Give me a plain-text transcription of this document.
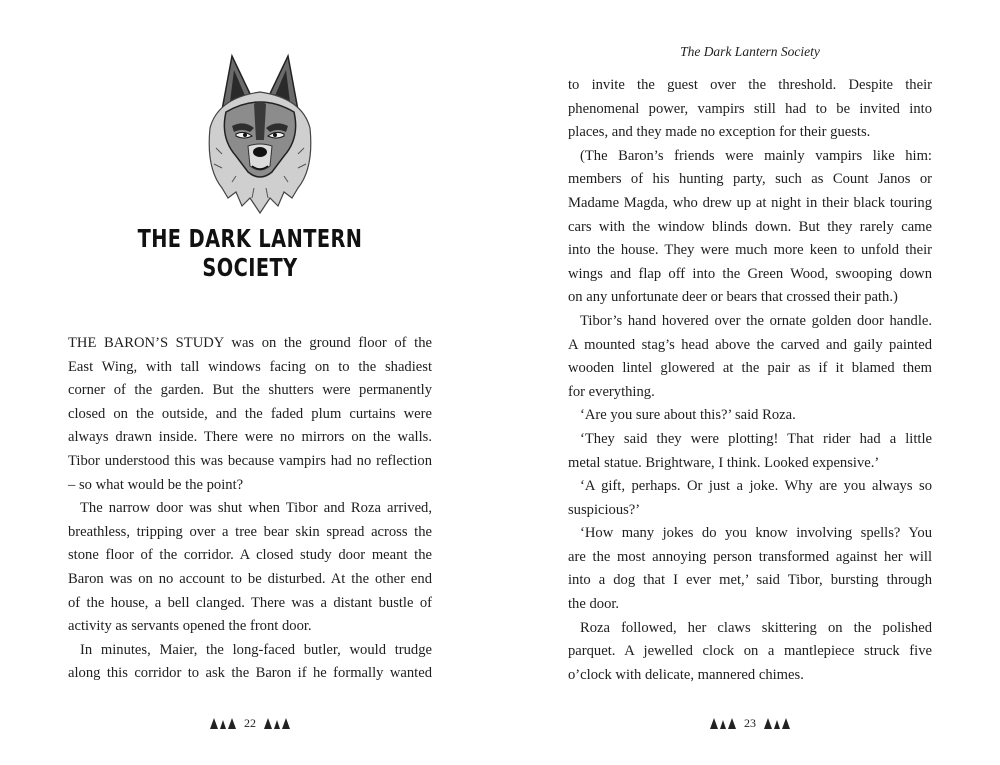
THE DARK LANTERN SOCIETY
THE BARON’S STUDY was on the ground floor of the
East Wing, with tall windows facing on to the shadiest
corner of the garden. But the shutters were permanently
closed on the outside, and the faded plum curtains were
always drawn inside. There were no mirrors on the walls.
Tibor understood this was because vampirs had no reflection
– so what would be the point?
The narrow door was shut when Tibor and Roza arrived,
breathless, tripping over a tree bear skin spread across the
stone floor of the corridor. A closed study door meant the
Baron was on no account to be disturbed. At the other end
of the house, a bell clanged. There was a distant bustle of
activity as servants opened the front door.
In minutes, Maier, the long-faced butler, would trudge
along this corridor to ask the Baron if he formally wanted
22
The Dark Lantern Society
to invite the guest over the threshold. Despite their
phenomenal power, vampirs still had to be invited into
places, and they made no exception for their guests.
(The Baron’s friends were mainly vampirs like him:
members of his hunting party, such as Count Janos or
Madame Magda, who drew up at night in their black touring
cars with the window blinds down. But they rarely came
into the house. They were much more keen to unfold their
wings and flap off into the Green Wood, swooping down
on any unfortunate deer or bears that crossed their path.)
Tibor’s hand hovered over the ornate golden door handle.
A mounted stag’s head above the carved and gaily painted
wooden lintel glowered at the pair as if it blamed them
for everything.
‘Are you sure about this?’ said Roza.
‘They said they were plotting! That rider had a little
metal statue. Brightware, I think. Looked expensive.’
‘A gift, perhaps. Or just a joke. Why are you always so
suspicious?’
‘How many jokes do you know involving spells? You
are the most annoying person transformed against her will
into a dog that I ever met,’ said Tibor, bursting through
the door.
Roza followed, her claws skittering on the polished
parquet. A jewelled clock on a mantlepiece struck five
o’clock with delicate, mannered chimes.
23
